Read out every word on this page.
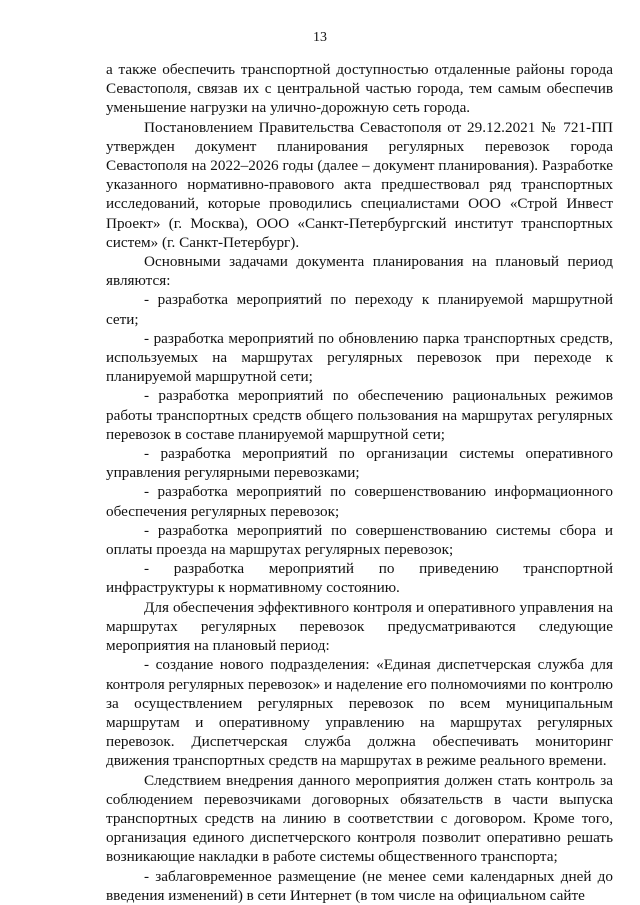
13

а также обеспечить транспортной доступностью отдаленные районы города Севастополя, связав их с центральной частью города, тем самым обеспечив уменьшение нагрузки на улично-дорожную сеть города.

Постановлением Правительства Севастополя от 29.12.2021 № 721-ПП утвержден документ планирования регулярных перевозок города Севастополя на 2022–2026 годы (далее – документ планирования). Разработке указанного нормативно-правового акта предшествовал ряд транспортных исследований, которые проводились специалистами ООО «Строй Инвест Проект» (г. Москва), ООО «Санкт-Петербургский институт транспортных систем» (г. Санкт-Петербург).

Основными задачами документа планирования на плановый период являются:

- разработка мероприятий по переходу к планируемой маршрутной сети;

- разработка мероприятий по обновлению парка транспортных средств, используемых на маршрутах регулярных перевозок при переходе к планируемой маршрутной сети;

- разработка мероприятий по обеспечению рациональных режимов работы транспортных средств общего пользования на маршрутах регулярных перевозок в составе планируемой маршрутной сети;

- разработка мероприятий по организации системы оперативного управления регулярными перевозками;

- разработка мероприятий по совершенствованию информационного обеспечения регулярных перевозок;

- разработка мероприятий по совершенствованию системы сбора и оплаты проезда на маршрутах регулярных перевозок;

- разработка мероприятий по приведению транспортной инфраструктуры к нормативному состоянию.

Для обеспечения эффективного контроля и оперативного управления на маршрутах регулярных перевозок предусматриваются следующие мероприятия на плановый период:

- создание нового подразделения: «Единая диспетчерская служба для контроля регулярных перевозок» и наделение его полномочиями по контролю за осуществлением регулярных перевозок по всем муниципальным маршрутам и оперативному управлению на маршрутах регулярных перевозок. Диспетчерская служба должна обеспечивать мониторинг движения транспортных средств на маршрутах в режиме реального времени.

Следствием внедрения данного мероприятия должен стать контроль за соблюдением перевозчиками договорных обязательств в части выпуска транспортных средств на линию в соответствии с договором. Кроме того, организация единого диспетчерского контроля позволит оперативно решать возникающие накладки в работе системы общественного транспорта;

- заблаговременное размещение (не менее семи календарных дней до введения изменений) в сети Интернет (в том числе на официальном сайте
